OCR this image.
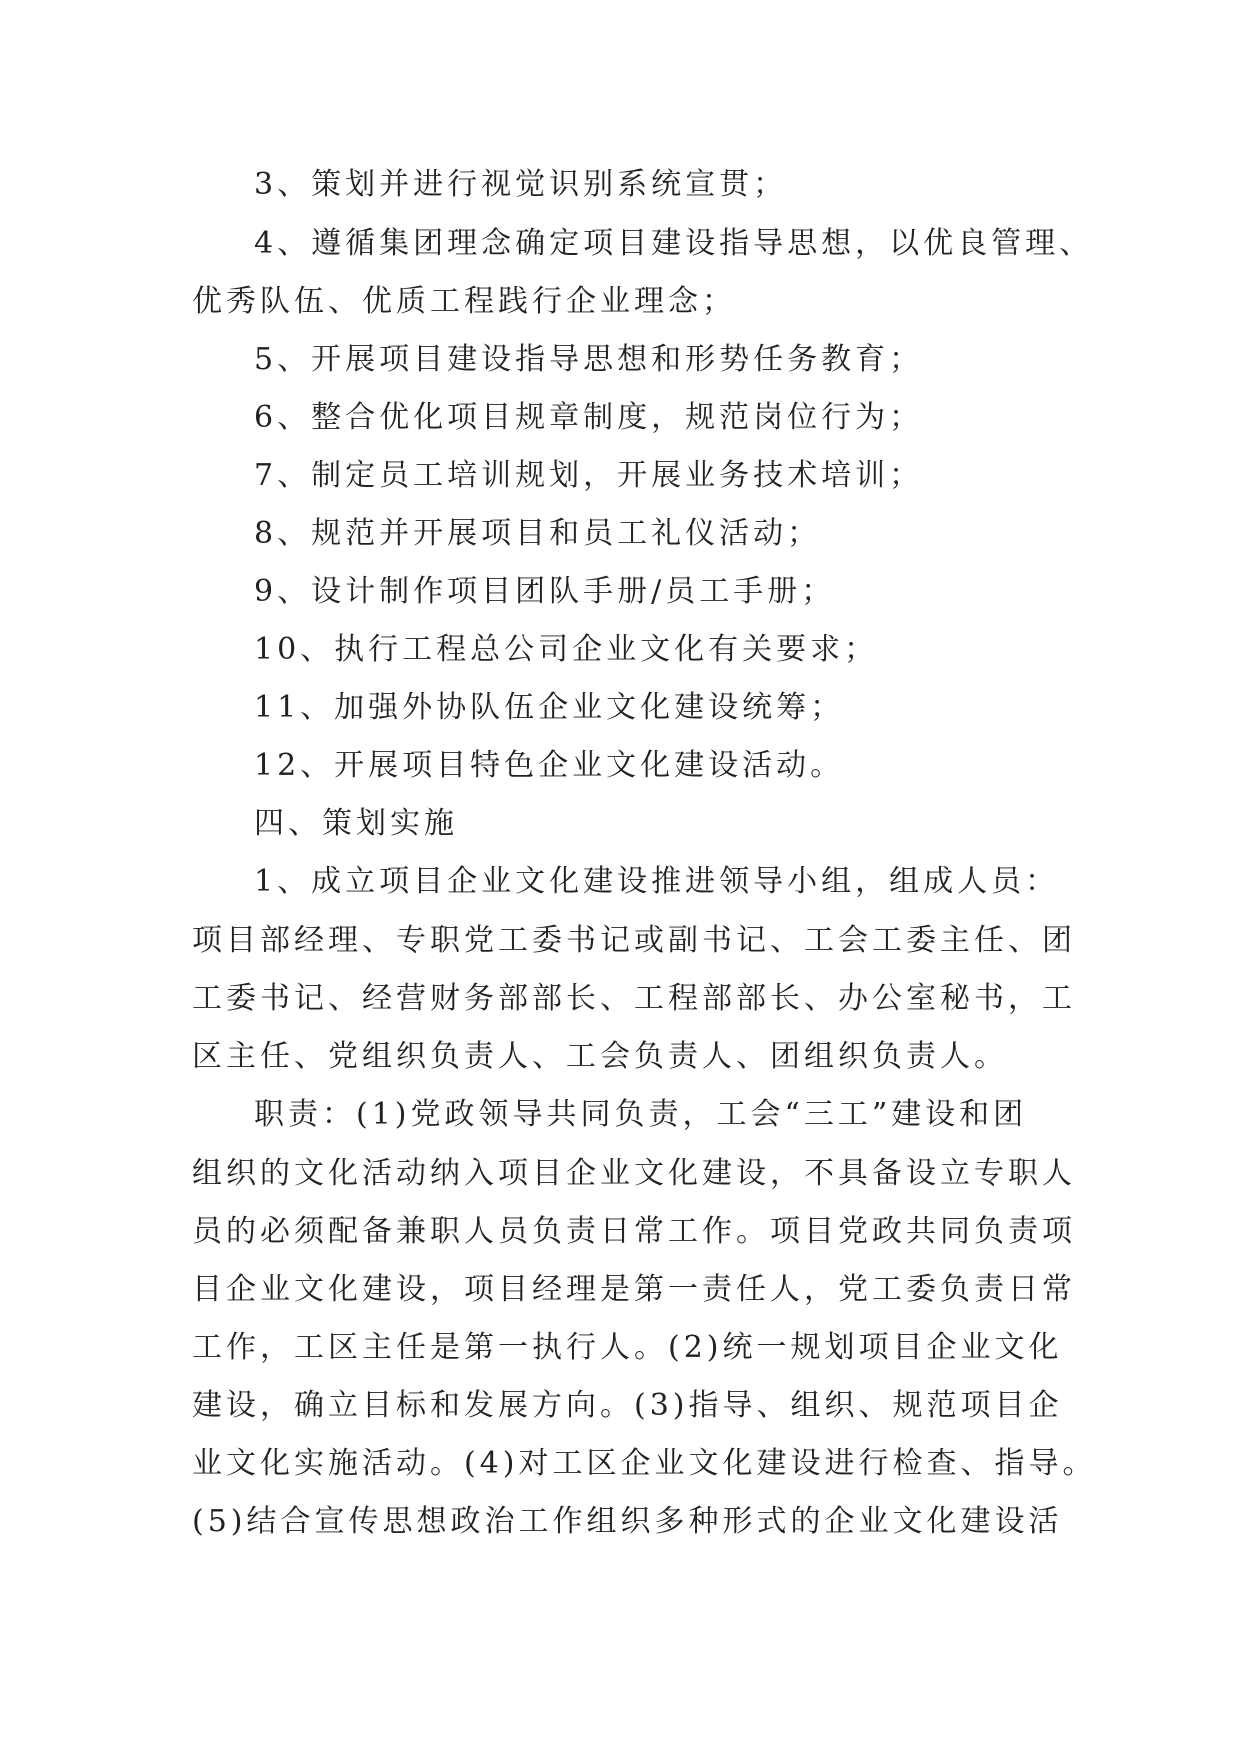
3、策划并进行视觉识别系统宣贯；
4、遵循集团理念确定项目建设指导思想，以优良管理、
优秀队伍、优质工程践行企业理念；
5、开展项目建设指导思想和形势任务教育；
6、整合优化项目规章制度，规范岗位行为；
7、制定员工培训规划，开展业务技术培训；
8、规范并开展项目和员工礼仪活动；
9、设计制作项目团队手册/员工手册；
10、执行工程总公司企业文化有关要求；
11、加强外协队伍企业文化建设统筹；
12、开展项目特色企业文化建设活动。
四、策划实施
1、成立项目企业文化建设推进领导小组，组成人员：
项目部经理、专职党工委书记或副书记、工会工委主任、团
工委书记、经营财务部部长、工程部部长、办公室秘书，工
区主任、党组织负责人、工会负责人、团组织负责人。
职责：(1)党政领导共同负责，工会“三工”建设和团
组织的文化活动纳入项目企业文化建设，不具备设立专职人
员的必须配备兼职人员负责日常工作。项目党政共同负责项
目企业文化建设，项目经理是第一责任人，党工委负责日常
工作，工区主任是第一执行人。(2)统一规划项目企业文化
建设，确立目标和发展方向。(3)指导、组织、规范项目企
业文化实施活动。(4)对工区企业文化建设进行检查、指导。
(5)结合宣传思想政治工作组织多种形式的企业文化建设活
